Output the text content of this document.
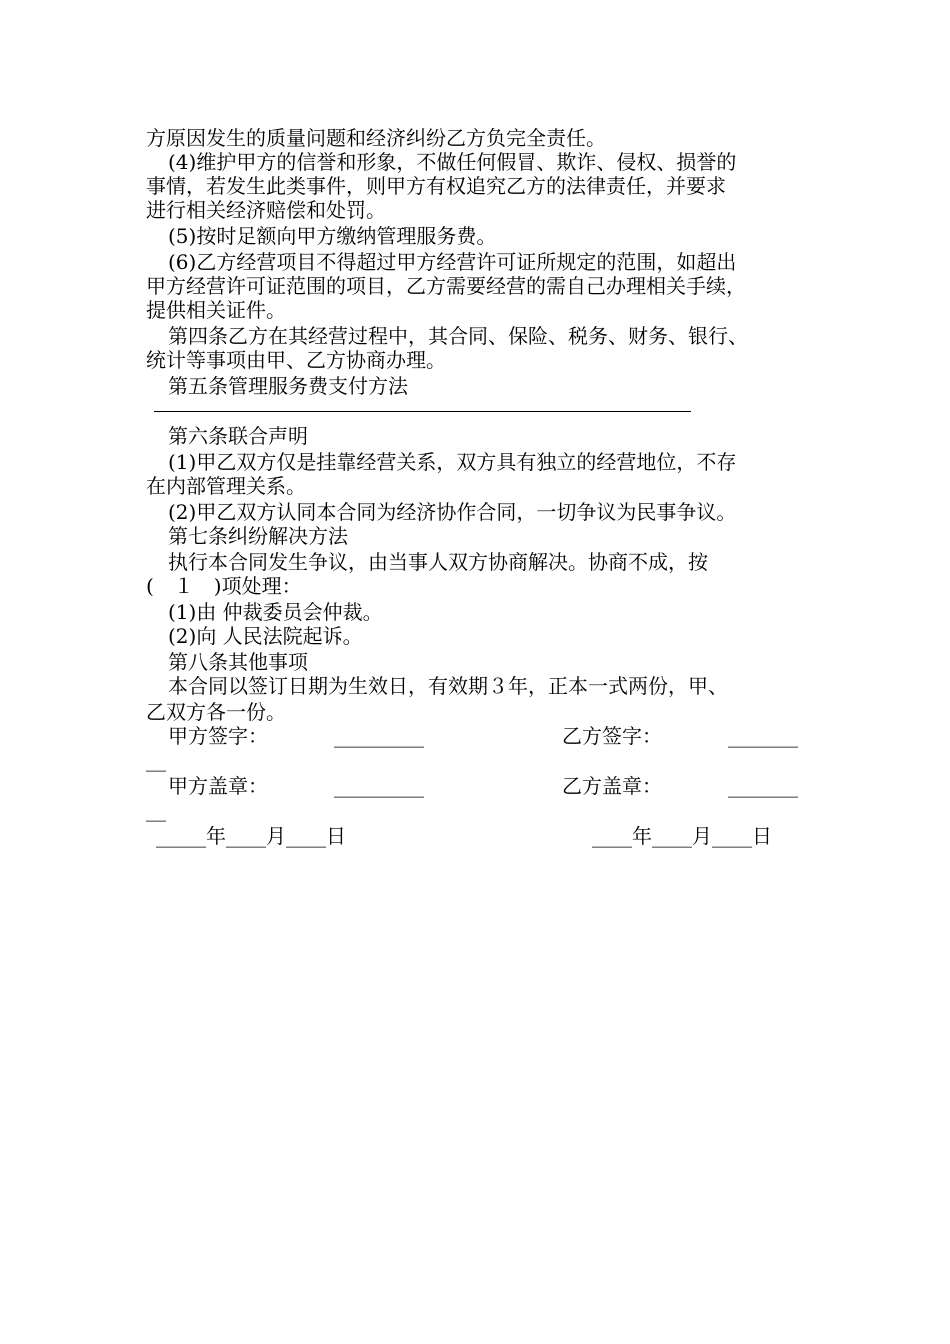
方原因发生的质量问题和经济纠纷乙方负完全责任。
(4)维护甲方的信誉和形象，不做任何假冒、欺诈、侵权、损誉的
事情，若发生此类事件，则甲方有权追究乙方的法律责任，并要求
进行相关经济赔偿和处罚。
(5)按时足额向甲方缴纳管理服务费。
(6)乙方经营项目不得超过甲方经营许可证所规定的范围，如超出
甲方经营许可证范围的项目，乙方需要经营的需自己办理相关手续，
提供相关证件。
第四条乙方在其经营过程中，其合同、保险、税务、财务、银行、
统计等事项由甲、乙方协商办理。
第五条管理服务费支付方法
第六条联合声明
(1)甲乙双方仅是挂靠经营关系，双方具有独立的经营地位，不存
在内部管理关系。
(2)甲乙双方认同本合同为经济协作合同，一切争议为民事争议。
第七条纠纷解决方法
执行本合同发生争议，由当事人双方协商解决。协商不成，按
(　１　)项处理：
(1)由 仲裁委员会仲裁。
(2)向 人民法院起诉。
第八条其他事项
本合同以签订日期为生效日，有效期３年，正本一式两份，甲、
乙双方各一份。
甲方签字：	_________	乙方签字：	_______
__
甲方盖章：	_________	乙方盖章：	_______
__
_____年____月____日	____年____月____日
